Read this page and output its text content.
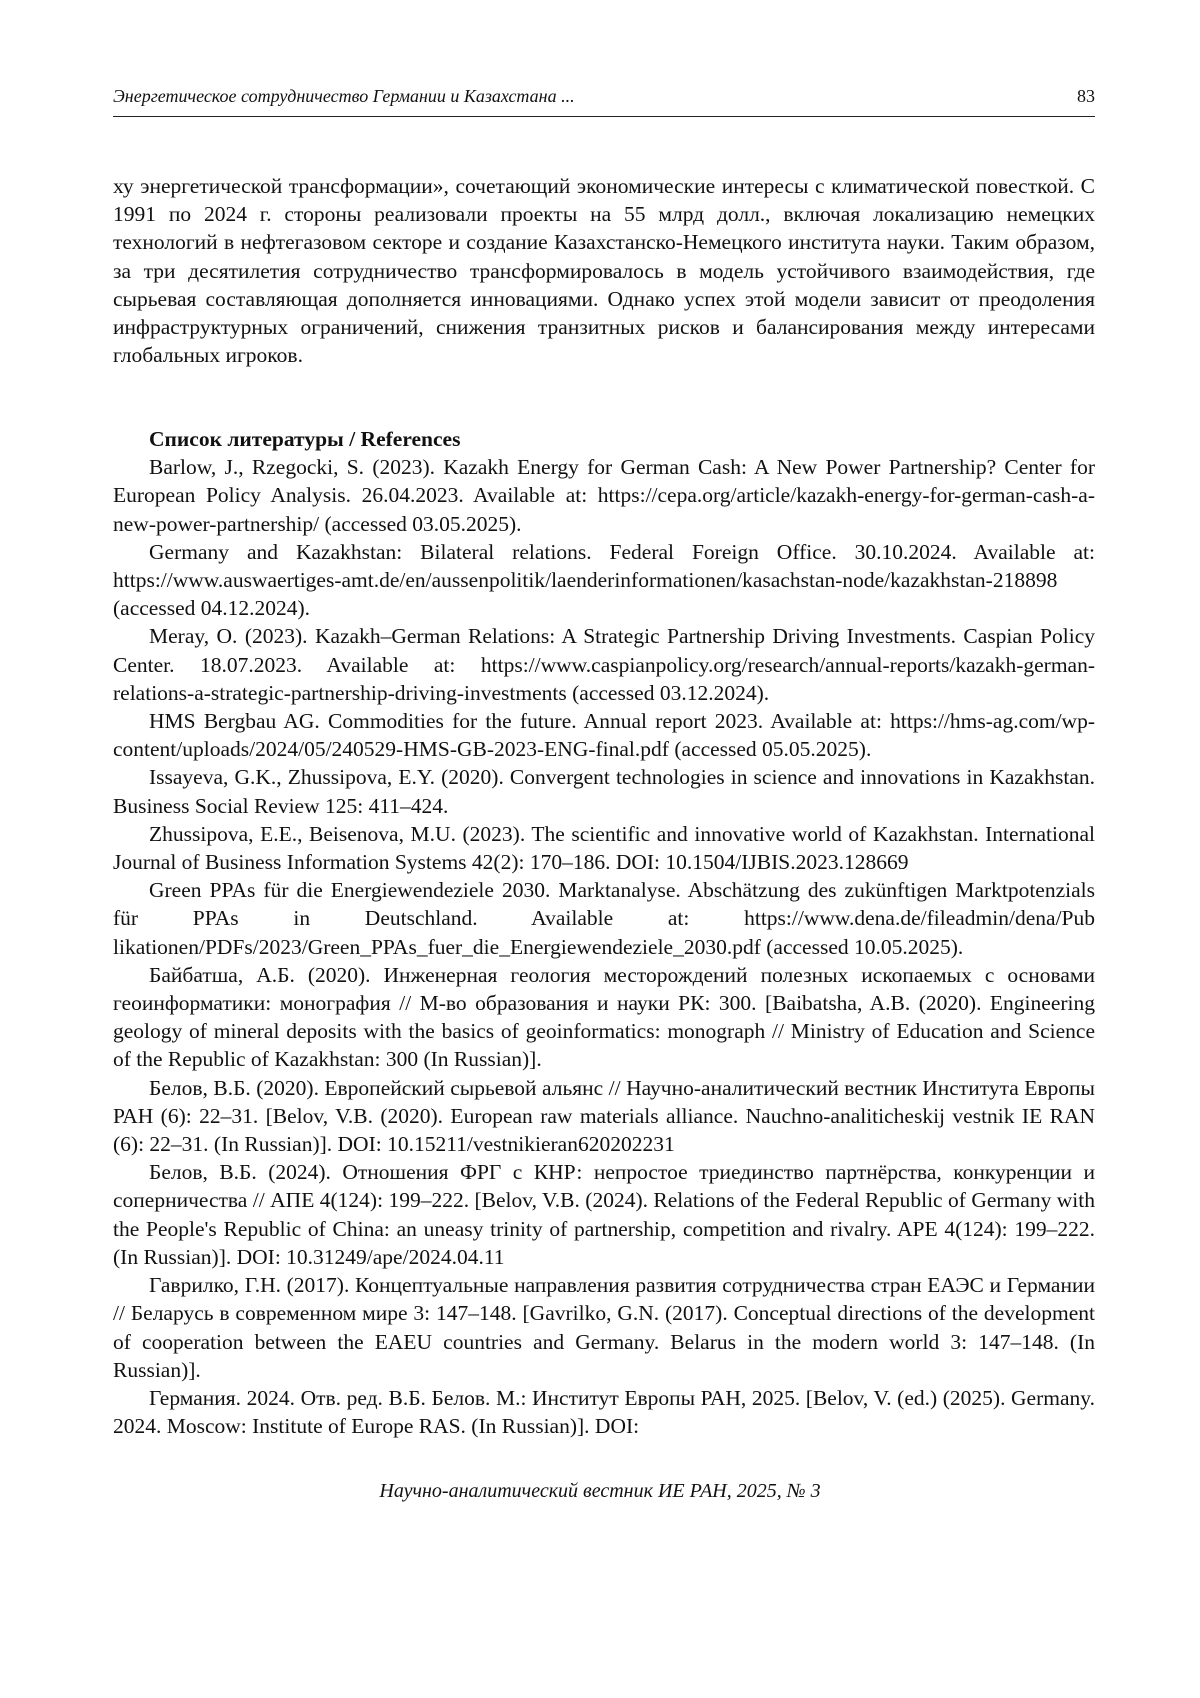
Энергетическое сотрудничество Германии и Казахстана ...	83

ху энергетической трансформации», сочетающий экономические интересы с климатической повесткой. С 1991 по 2024 г. стороны реализовали проекты на 55 млрд долл., включая локализацию немецких технологий в нефтегазовом секторе и создание Казахстанско-Немецкого института науки. Таким образом, за три десятилетия сотрудничество трансформировалось в модель устойчивого взаимодействия, где сырьевая составляющая дополняется инновациями. Однако успех этой модели зависит от преодоления инфраструктурных ограничений, снижения транзитных рисков и балансирования между интересами глобальных игроков.

Список литературы / References

Barlow, J., Rzegocki, S. (2023). Kazakh Energy for German Cash: A New Power Partnership? Center for European Policy Analysis. 26.04.2023. Available at: https://cepa.org/article/kazakh-energy-for-german-cash-a-new-power-partnership/ (accessed 03.05.2025).

Germany and Kazakhstan: Bilateral relations. Federal Foreign Office. 30.10.2024. Available at: https://www.auswaertiges-amt.de/en/aussenpolitik/laenderinformationen/kasachstan-node/kazakhstan-218898 (accessed 04.12.2024).

Meray, O. (2023). Kazakh–German Relations: A Strategic Partnership Driving Investments. Caspian Policy Center. 18.07.2023. Available at: https://www.caspianpolicy.org/research/annual-reports/kazakh-german-relations-a-strategic-partnership-driving-investments (accessed 03.12.2024).

HMS Bergbau AG. Commodities for the future. Annual report 2023. Available at: https://hms-ag.com/wp-content/uploads/2024/05/240529-HMS-GB-2023-ENG-final.pdf (accessed 05.05.2025).

Issayeva, G.K., Zhussipova, E.Y. (2020). Convergent technologies in science and innovations in Kazakhstan. Business Social Review 125: 411–424.

Zhussipova, E.E., Beisenova, M.U. (2023). The scientific and innovative world of Kazakhstan. International Journal of Business Information Systems 42(2): 170–186. DOI: 10.1504/IJBIS.2023.128669

Green PPAs für die Energiewendeziele 2030. Marktanalyse. Abschätzung des zukünftigen Marktpotenzials für PPAs in Deutschland. Available at: https://www.dena.de/fileadmin/dena/Pub likationen/PDFs/2023/Green_PPAs_fuer_die_Energiewendeziele_2030.pdf (accessed 10.05.2025).

Байбатша, А.Б. (2020). Инженерная геология месторождений полезных ископаемых с основами геоинформатики: монография // М-во образования и науки РК: 300. [Baibatsha, A.B. (2020). Engineering geology of mineral deposits with the basics of geoinformatics: monograph // Ministry of Education and Science of the Republic of Kazakhstan: 300 (In Russian)].

Белов, В.Б. (2020). Европейский сырьевой альянс // Научно-аналитический вестник Института Европы РАН (6): 22–31. [Belov, V.B. (2020). European raw materials alliance. Nauchno-analiticheskij vestnik IE RAN (6): 22–31. (In Russian)]. DOI: 10.15211/vestnikieran620202231

Белов, В.Б. (2024). Отношения ФРГ с КНР: непростое триединство партнёрства, конкуренции и соперничества // АПЕ 4(124): 199–222. [Belov, V.B. (2024). Relations of the Federal Republic of Germany with the People's Republic of China: an uneasy trinity of partnership, competition and rivalry. APE 4(124): 199–222. (In Russian)]. DOI: 10.31249/ape/2024.04.11

Гаврилко, Г.Н. (2017). Концептуальные направления развития сотрудничества стран ЕАЭС и Германии // Беларусь в современном мире 3: 147–148. [Gavrilko, G.N. (2017). Conceptual directions of the development of cooperation between the EAEU countries and Germany. Belarus in the modern world 3: 147–148. (In Russian)].

Германия. 2024. Отв. ред. В.Б. Белов. М.: Институт Европы РАН, 2025. [Belov, V. (ed.) (2025). Germany. 2024. Moscow: Institute of Europe RAS. (In Russian)]. DOI:

Научно-аналитический вестник ИЕ РАН, 2025, № 3
